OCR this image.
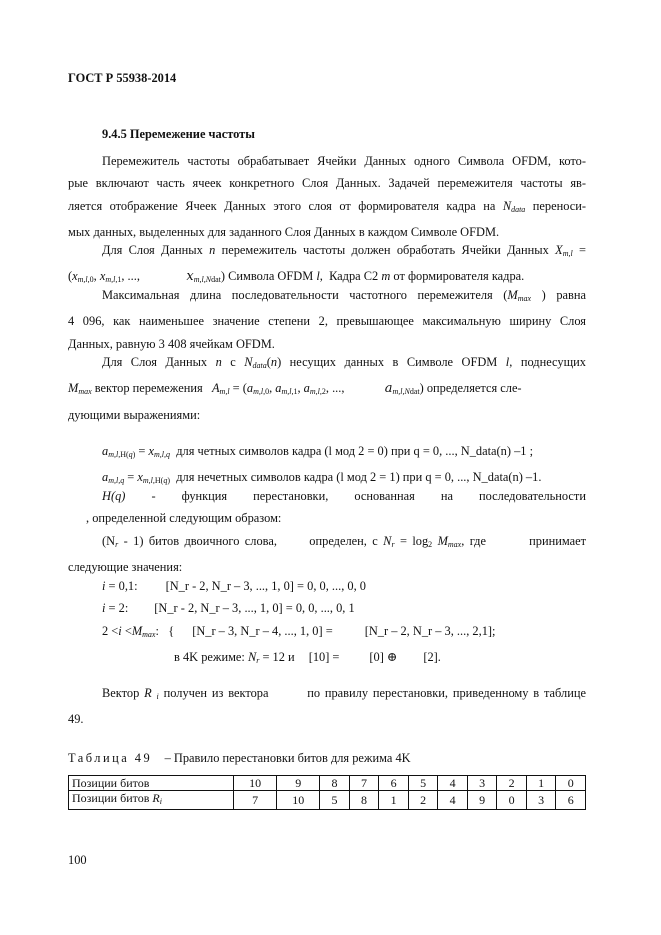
ГОСТ Р 55938-2014
9.4.5 Перемежение частоты
Перемежитель частоты обрабатывает Ячейки Данных одного Символа OFDM, кото-
рые включают часть ячеек конкретного Слоя Данных. Задачей перемежителя частоты яв-
ляется отображение Ячеек Данных этого слоя от формирователя кадра на $N_{data}$ переноси-
мых данных, выделенных для заданного Слоя Данных в каждом Символе OFDM.
Для Слоя Данных n перемежитель частоты должен обработать Ячейки Данных $X_{m,l}$ =
($x_{m,l,0}$, $x_{m,l,1}$, ...,               $x_{m,l,Ndat}$) Символа OFDM l,  Кадра C2 m от формирователя кадра.
Максимальная длина последовательности частотного перемежителя ($M_{max}$ ) равна
4 096, как наименьшее значение степени 2, превышающее максимальную ширину Слоя
Данных, равную 3 408 ячейкам OFDM.
Для Слоя Данных n с $N_{data}(n)$ несущих данных в Символе OFDM l, поднесущих
$M_{max}$ вектор перемежения $A_{m,l} = (a_{m,l,0}$, $a_{m,l,1}$, $a_{m,l,2}$, ...,             $a_{m,l,Ndat}$) определяется сле-
дующими выражениями:
$a_{m,l,H(q)} = x_{m,l,q}$ для четных символов кадра (l мод 2 = 0) при q = 0, ..., N_data(n) –1 ;
$a_{m,l,q} = x_{m,l,H(q)}$ для нечетных символов кадра (l мод 2 = 1) при q = 0, ..., N_data(n) –1.
H(q) - функция перестановки, основанная на последовательности
, определенной следующим образом:
$(N_r - 1)$ битов двоичного слова,	определен, с $N_r = \log_2 M_{max}$, где        принимает
следующие значения:
i = 0,1: [N_r - 2, N_r – 3, ..., 1, 0] = 0, 0, ..., 0, 0
i = 2: [N_r - 2, N_r – 3, ..., 1, 0] = 0, 0, ..., 0, 1
$2 <i <M_{max}$:   { [N_r – 3, N_r – 4, ..., 1, 0] =	[N_r – 2, N_r – 3, ..., 2,1];
в 4K режиме: $N_r = 12$ и [10] = [0] ⊕ [2].
Вектор R $_i$ получен из вектора	по правилу перестановки, приведенному в таблице
49.
Таблица 49 – Правило перестановки битов для режима 4K
Позиции битов	10	9	8	7	6	5	4	3	2	1	0
Позиции битов $R_i$	7	10	5	8	1	2	4	9	0	3	6
100
